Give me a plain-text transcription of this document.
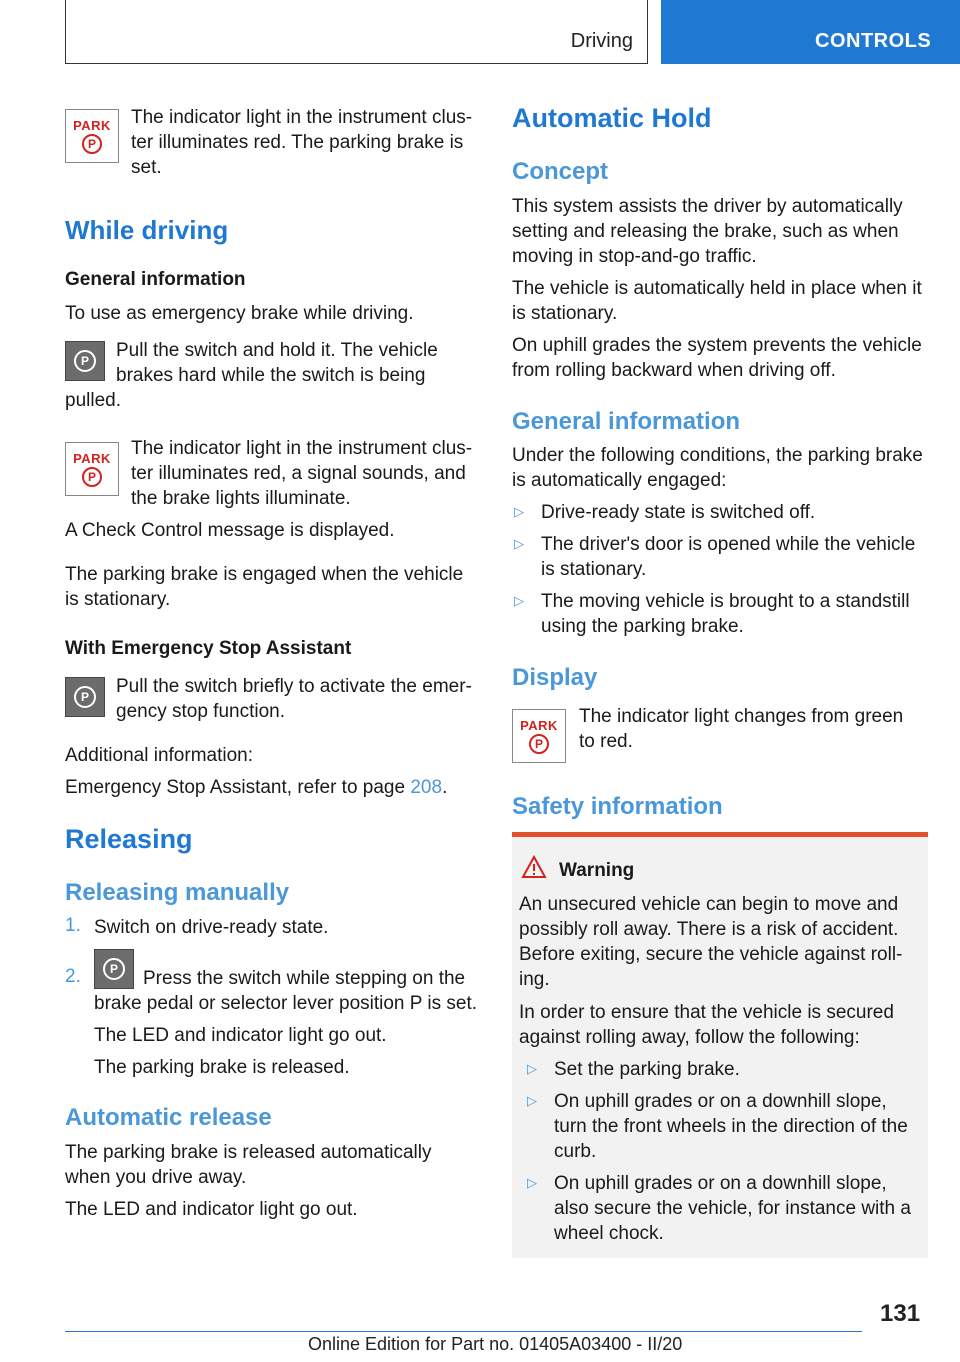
Driving	CONTROLS
PARK
P
The indicator light in the instrument clus-
ter illuminates red. The parking brake is
set.
While driving
General information
To use as emergency brake while driving.
P	Pull the switch and hold it. The vehicle
brakes hard while the switch is being
pulled.
PARK
P
The indicator light in the instrument clus-
ter illuminates red, a signal sounds, and
the brake lights illuminate.
A Check Control message is displayed.
The parking brake is engaged when the vehicle
is stationary.
With Emergency Stop Assistant
P	Pull the switch briefly to activate the emer-
gency stop function.
Additional information:
Emergency Stop Assistant, refer to page 208.
Releasing
Releasing manually
1. Switch on drive-ready state.
2.	P	Press the switch while stepping on the
brake pedal or selector lever position P is set.
The LED and indicator light go out.
The parking brake is released.
Automatic release
The parking brake is released automatically
when you drive away.
The LED and indicator light go out.
Automatic Hold
Concept
This system assists the driver by automatically
setting and releasing the brake, such as when
moving in stop-and-go traffic.
The vehicle is automatically held in place when it
is stationary.
On uphill grades the system prevents the vehicle
from rolling backward when driving off.
General information
Under the following conditions, the parking brake
is automatically engaged:
▷ Drive-ready state is switched off.
▷ The driver's door is opened while the vehicle
is stationary.
▷ The moving vehicle is brought to a standstill
using the parking brake.
Display
PARK
P
The indicator light changes from green
to red.
Safety information
Warning
An unsecured vehicle can begin to move and
possibly roll away. There is a risk of accident.
Before exiting, secure the vehicle against roll-
ing.
In order to ensure that the vehicle is secured
against rolling away, follow the following:
▷ Set the parking brake.
▷ On uphill grades or on a downhill slope,
turn the front wheels in the direction of the
curb.
▷ On uphill grades or on a downhill slope,
also secure the vehicle, for instance with a
wheel chock.
131
Online Edition for Part no. 01405A03400 - II/20
